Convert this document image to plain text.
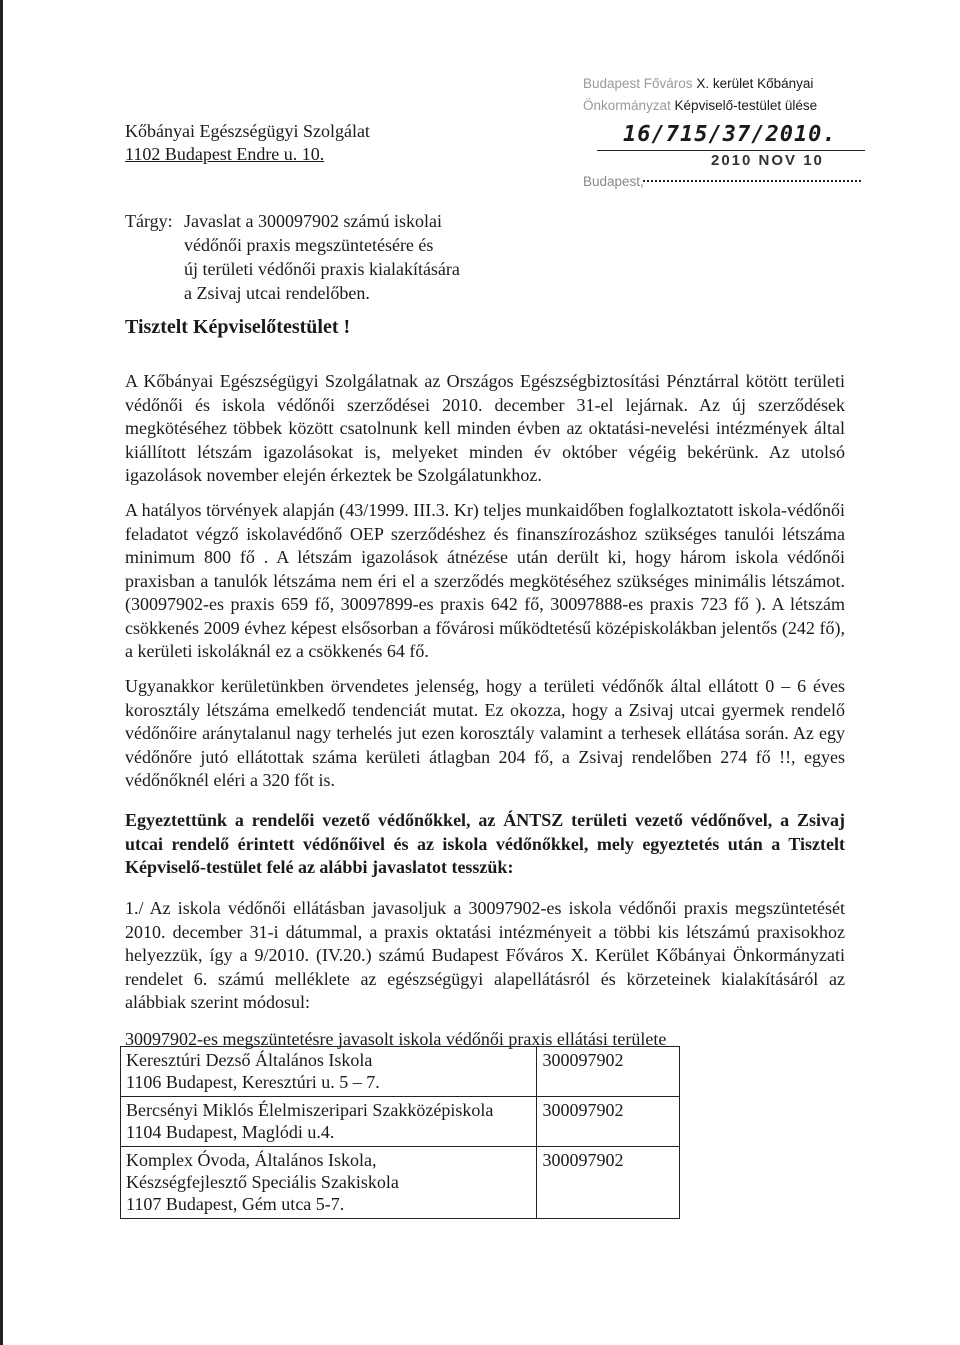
Kőbányai Egészségügyi Szolgálat
1102 Budapest Endre u. 10.
Budapest Főváros X. kerület Kőbányai
Önkormányzat Képviselő-testület ülése
16/715/37/2010.
2010 NOV 10
Budapest,
Tárgy: Javaslat a 300097902 számú iskolai
védőnői praxis megszüntetésére és
új területi védőnői praxis kialakítására
a Zsivaj utcai rendelőben.
Tisztelt Képviselőtestület !

A Kőbányai Egészségügyi Szolgálatnak az Országos Egészségbiztosítási Pénztárral kötött területi védőnői és iskola védőnői szerződései 2010. december 31-el lejárnak. Az új szerződések megkötéséhez többek között csatolnunk kell minden évben az oktatási-nevelési intézmények által kiállított létszám igazolásokat is, melyeket minden év október végéig bekérünk. Az utolsó igazolások november elején érkeztek be Szolgálatunkhoz.

A hatályos törvények alapján (43/1999. III.3. Kr) teljes munkaidőben foglalkoztatott iskola-védőnői feladatot végző iskolavédőnő OEP szerződéshez és finanszírozáshoz szükséges tanulói létszáma minimum 800 fő . A létszám igazolások átnézése után derült ki, hogy három iskola védőnői praxisban a tanulók létszáma nem éri el a szerződés megkötéséhez szükséges minimális létszámot. (30097902-es praxis 659 fő, 30097899-es praxis 642 fő, 30097888-es praxis 723 fő ). A létszám csökkenés 2009 évhez képest elsősorban a fővárosi működtetésű középiskolákban jelentős (242 fő), a kerületi iskoláknál ez a csökkenés 64 fő.

Ugyanakkor kerületünkben örvendetes jelenség, hogy a területi védőnők által ellátott 0 – 6 éves korosztály létszáma emelkedő tendenciát mutat. Ez okozza, hogy a Zsivaj utcai gyermek rendelő védőnőire aránytalanul nagy terhelés jut ezen korosztály valamint a terhesek ellátása során. Az egy védőnőre jutó ellátottak száma kerületi átlagban 204 fő, a Zsivaj rendelőben 274 fő !!, egyes védőnőknél eléri a 320 főt is.

Egyeztettünk a rendelői vezető védőnőkkel, az ÁNTSZ területi vezető védőnővel, a Zsivaj utcai rendelő érintett védőnőivel és az iskola védőnőkkel, mely egyeztetés után a Tisztelt Képviselő-testület felé az alábbi javaslatot tesszük:

1./ Az iskola védőnői ellátásban javasoljuk a 30097902-es iskola védőnői praxis megszüntetését 2010. december 31-i dátummal, a praxis oktatási intézményeit a többi kis létszámú praxisokhoz helyezzük, így a 9/2010. (IV.20.) számú Budapest Főváros X. Kerület Kőbányai Önkormányzati rendelet 6. számú melléklete az egészségügyi alapellátásról és körzeteinek kialakításáról az alábbiak szerint módosul:

30097902-es megszüntetésre javasolt iskola védőnői praxis ellátási területe
Keresztúri Dezső Általános Iskola
1106 Budapest, Keresztúri u. 5 – 7.	300097902

Bercsényi Miklós Élelmiszeripari Szakközépiskola
1104 Budapest, Maglódi u.4.	300097902

Komplex Óvoda, Általános Iskola,
Készségfejlesztő Speciális Szakiskola
1107 Budapest, Gém utca 5-7.	300097902
